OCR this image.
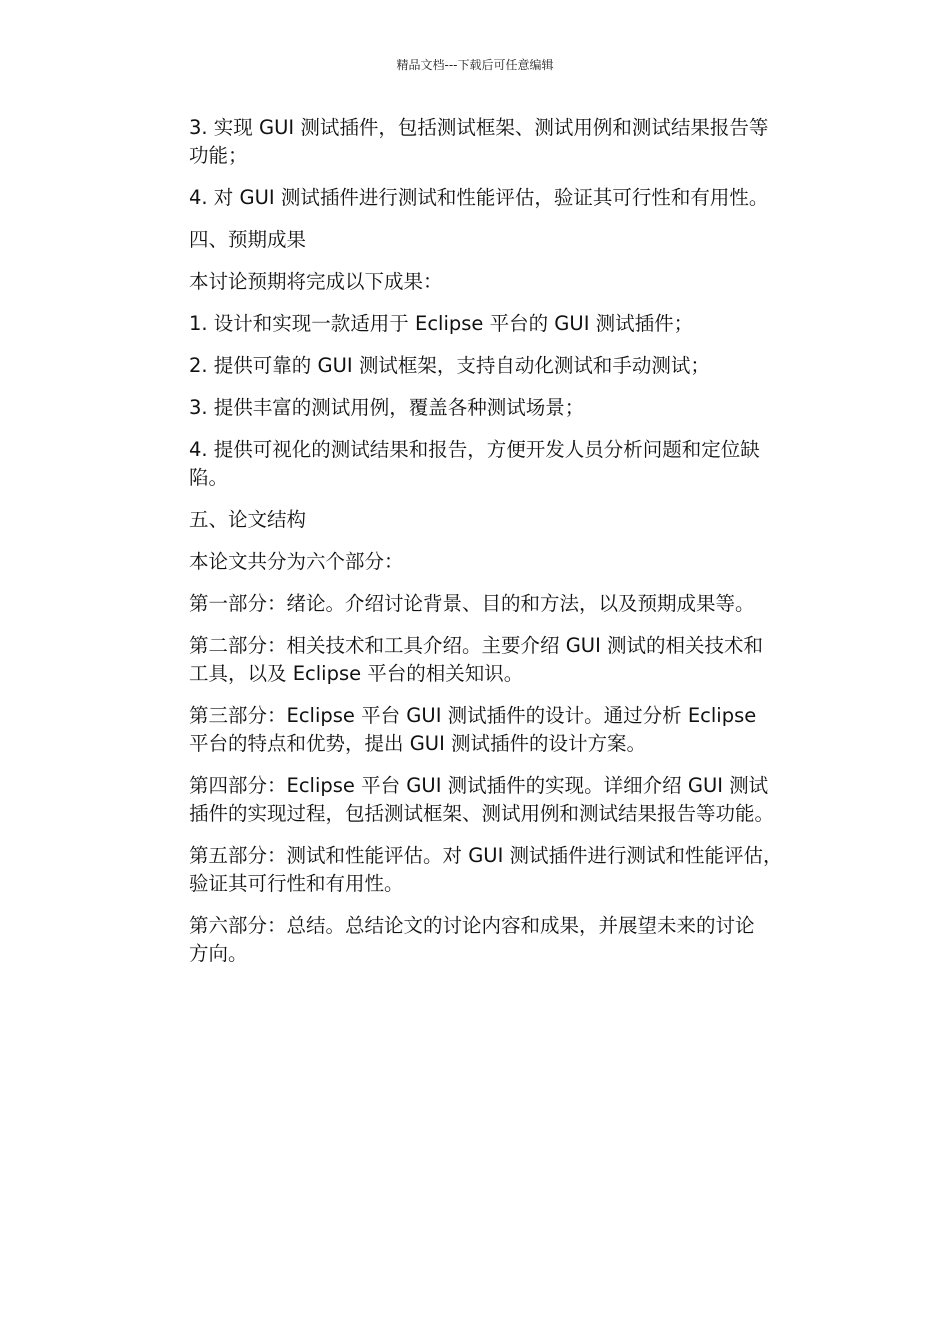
精品文档---下载后可任意编辑

3. 实现 GUI 测试插件，包括测试框架、测试用例和测试结果报告等
功能；

4. 对 GUI 测试插件进行测试和性能评估，验证其可行性和有用性。

四、预期成果

本讨论预期将完成以下成果：

1. 设计和实现一款适用于 Eclipse 平台的 GUI 测试插件；

2. 提供可靠的 GUI 测试框架，支持自动化测试和手动测试；

3. 提供丰富的测试用例，覆盖各种测试场景；

4. 提供可视化的测试结果和报告，方便开发人员分析问题和定位缺
陷。

五、论文结构

本论文共分为六个部分：

第一部分：绪论。介绍讨论背景、目的和方法，以及预期成果等。

第二部分：相关技术和工具介绍。主要介绍 GUI 测试的相关技术和
工具，以及 Eclipse 平台的相关知识。

第三部分：Eclipse 平台 GUI 测试插件的设计。通过分析 Eclipse
平台的特点和优势，提出 GUI 测试插件的设计方案。

第四部分：Eclipse 平台 GUI 测试插件的实现。详细介绍 GUI 测试
插件的实现过程，包括测试框架、测试用例和测试结果报告等功能。

第五部分：测试和性能评估。对 GUI 测试插件进行测试和性能评估，
验证其可行性和有用性。

第六部分：总结。总结论文的讨论内容和成果，并展望未来的讨论
方向。
